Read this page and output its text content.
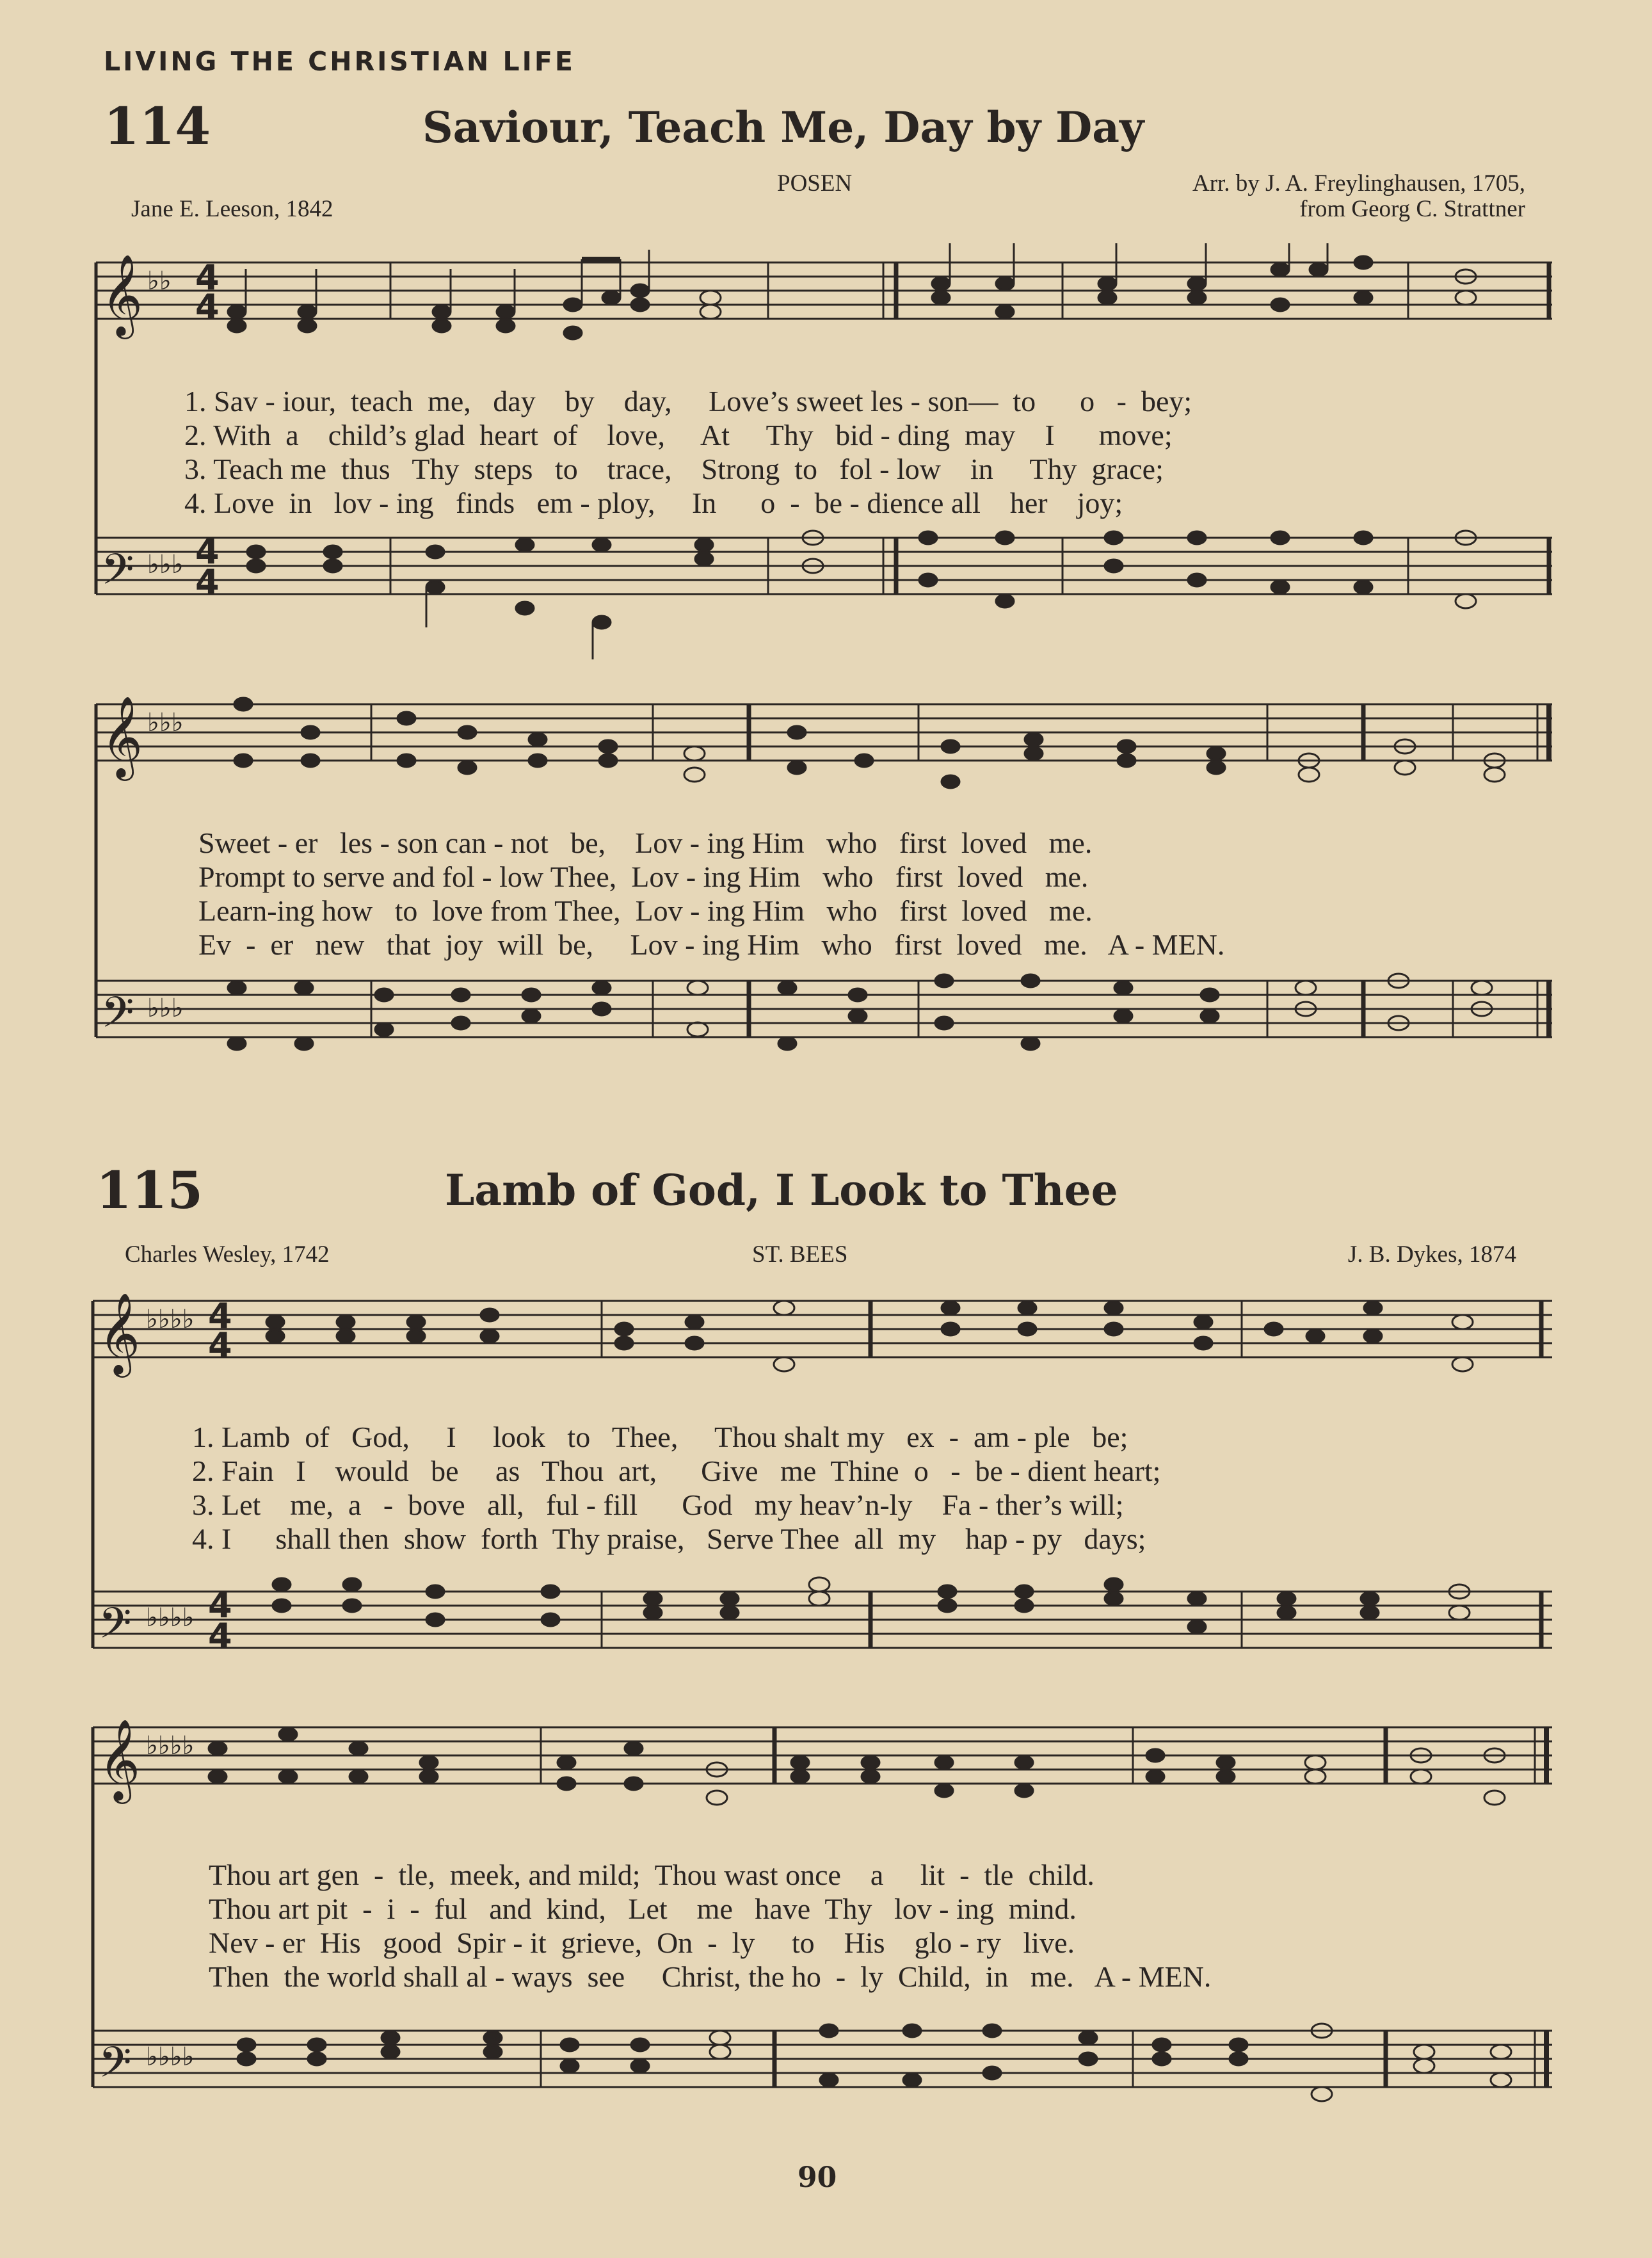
LIVING THE CHRISTIAN LIFE
114	Saviour, Teach Me, Day by Day
Jane E. Leeson, 1842
POSEN	Arr. by J. A. Freylinghausen, 1705,
from Georg C. Strattner
𝄞
𝄢
♭♭ 4
4
♭♭♭ 4
4
𝄞
𝄢
♭♭♭
♭♭♭
𝄞
𝄢
♭♭♭♭ 4
4
♭♭♭♭ 4
4
𝄞
𝄢
♭♭♭♭
♭♭♭♭
1. Sav - iour,  teach  me,   day    by    day,     Love’s sweet les - son—  to      o   -  bey;
2. With  a    child’s glad  heart  of    love,     At     Thy   bid - ding  may    I      move;
3. Teach me  thus   Thy  steps   to    trace,    Strong  to   fol - low    in     Thy  grace;
4. Love  in   lov - ing   finds   em - ploy,     In      o  -  be - dience all    her    joy;
Sweet - er   les - son can - not   be,    Lov - ing Him   who   first  loved   me.
Prompt to serve and fol - low Thee,  Lov - ing Him   who   first  loved   me.
Learn-ing how   to  love from Thee,  Lov - ing Him   who   first  loved   me.
Ev  -  er   new   that  joy  will  be,     Lov - ing Him   who   first  loved   me.   A - MEN.
115	Lamb of God, I Look to Thee
Charles Wesley, 1742	ST. BEES	J. B. Dykes, 1874
1. Lamb  of   God,     I     look   to   Thee,     Thou shalt my   ex  -  am - ple   be;
2. Fain   I    would   be     as   Thou  art,      Give   me  Thine  o   -  be - dient heart;
3. Let    me,  a   -  bove   all,   ful - fill      God   my heav’n-ly    Fa - ther’s will;
4. I      shall then  show  forth  Thy praise,   Serve Thee  all  my    hap - py   days;
Thou art gen  -  tle,  meek, and mild;  Thou wast once    a     lit  -  tle  child.
Thou art pit  -  i  -  ful   and  kind,   Let    me   have  Thy   lov - ing  mind.
Nev - er  His   good  Spir - it  grieve,  On  -  ly     to    His    glo - ry   live.
Then  the world shall al - ways  see     Christ, the ho  -  ly  Child,  in   me.   A - MEN.
90
